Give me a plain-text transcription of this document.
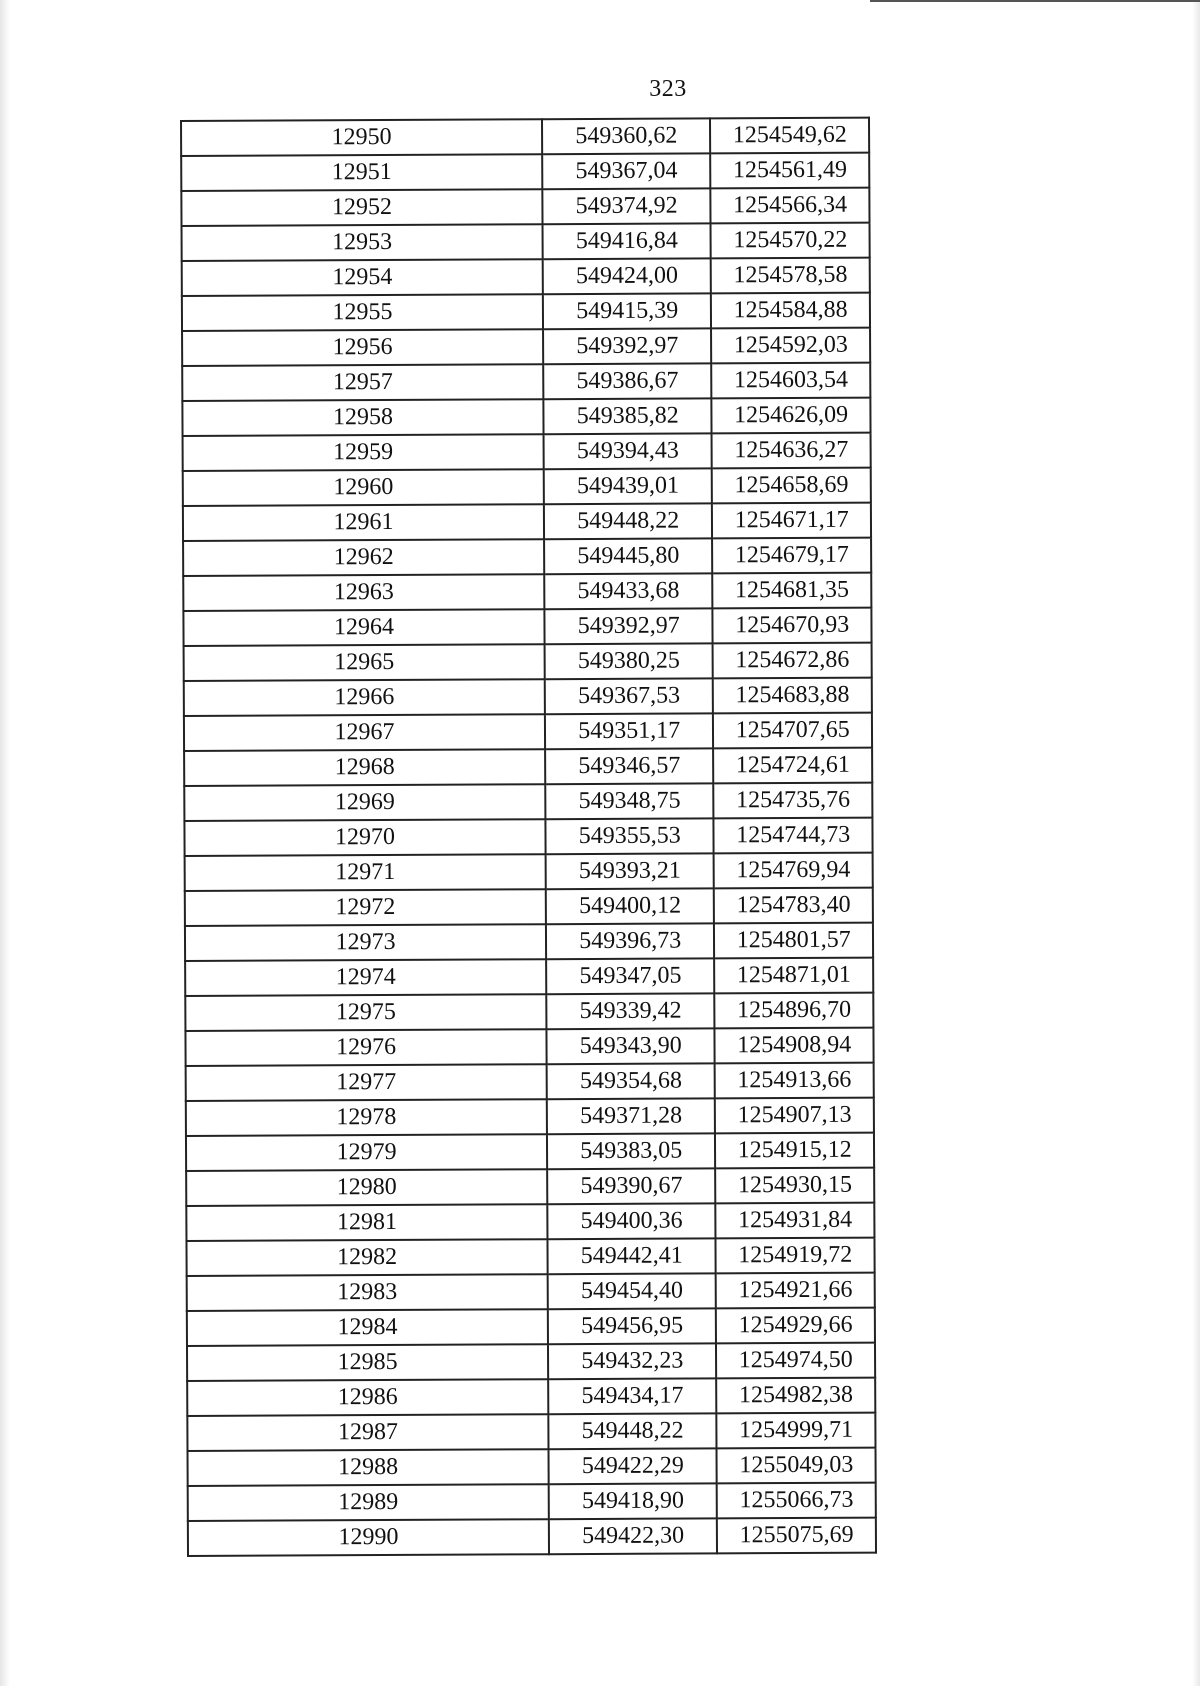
323
12950	549360,62	1254549,62
12951	549367,04	1254561,49
12952	549374,92	1254566,34
12953	549416,84	1254570,22
12954	549424,00	1254578,58
12955	549415,39	1254584,88
12956	549392,97	1254592,03
12957	549386,67	1254603,54
12958	549385,82	1254626,09
12959	549394,43	1254636,27
12960	549439,01	1254658,69
12961	549448,22	1254671,17
12962	549445,80	1254679,17
12963	549433,68	1254681,35
12964	549392,97	1254670,93
12965	549380,25	1254672,86
12966	549367,53	1254683,88
12967	549351,17	1254707,65
12968	549346,57	1254724,61
12969	549348,75	1254735,76
12970	549355,53	1254744,73
12971	549393,21	1254769,94
12972	549400,12	1254783,40
12973	549396,73	1254801,57
12974	549347,05	1254871,01
12975	549339,42	1254896,70
12976	549343,90	1254908,94
12977	549354,68	1254913,66
12978	549371,28	1254907,13
12979	549383,05	1254915,12
12980	549390,67	1254930,15
12981	549400,36	1254931,84
12982	549442,41	1254919,72
12983	549454,40	1254921,66
12984	549456,95	1254929,66
12985	549432,23	1254974,50
12986	549434,17	1254982,38
12987	549448,22	1254999,71
12988	549422,29	1255049,03
12989	549418,90	1255066,73
12990	549422,30	1255075,69
